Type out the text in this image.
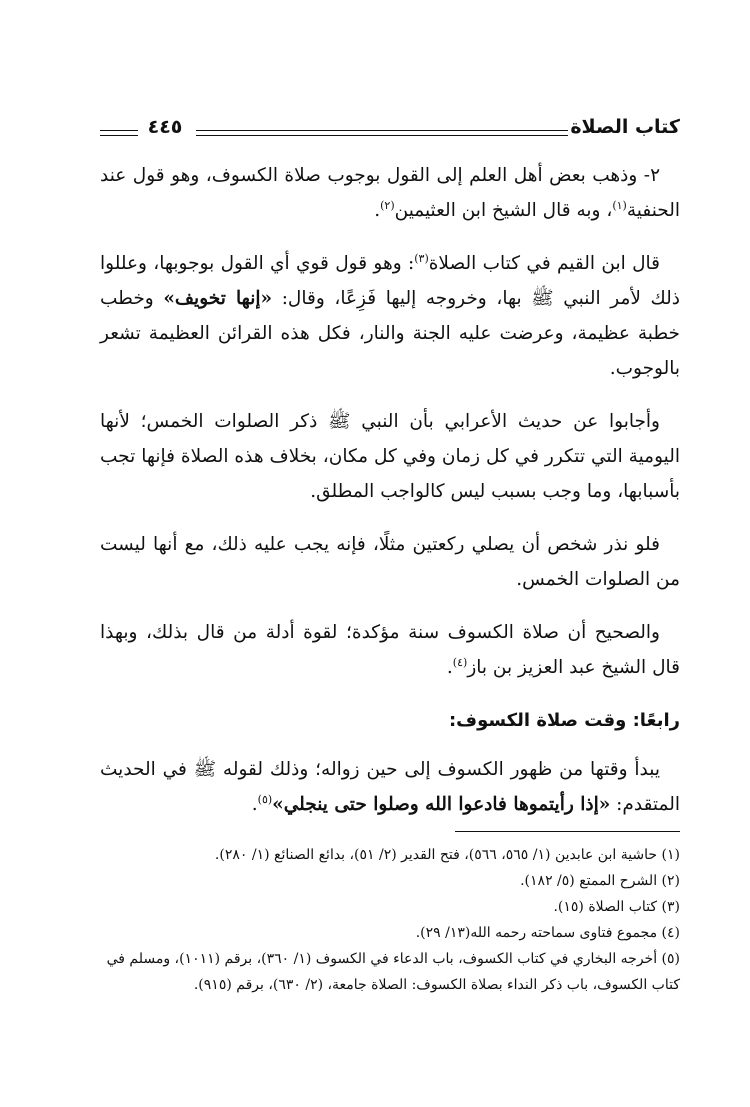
كتاب الصلاة
٤٤٥

٢- وذهب بعض أهل العلم إلى القول بوجوب صلاة الكسوف، وهو قول عند الحنفية$^{(١)}$، وبه قال الشيخ ابن العثيمين$^{(٢)}$.

قال ابن القيم في كتاب الصلاة$^{(٣)}$: وهو قول قوي أي القول بوجوبها، وعللوا ذلك لأمر النبي ﷺ بها، وخروجه إليها فَزِعًا، وقال: «إنها تخويف» وخطب خطبة عظيمة، وعرضت عليه الجنة والنار، فكل هذه القرائن العظيمة تشعر بالوجوب.

وأجابوا عن حديث الأعرابي بأن النبي ﷺ ذكر الصلوات الخمس؛ لأنها اليومية التي تتكرر في كل زمان وفي كل مكان، بخلاف هذه الصلاة فإنها تجب بأسبابها، وما وجب بسبب ليس كالواجب المطلق.

فلو نذر شخص أن يصلي ركعتين مثلًا، فإنه يجب عليه ذلك، مع أنها ليست من الصلوات الخمس.

والصحيح أن صلاة الكسوف سنة مؤكدة؛ لقوة أدلة من قال بذلك، وبهذا قال الشيخ عبد العزيز بن باز$^{(٤)}$.

رابعًا: وقت صلاة الكسوف:

يبدأ وقتها من ظهور الكسوف إلى حين زواله؛ وذلك لقوله ﷺ في الحديث المتقدم: «إذا رأيتموها فادعوا الله وصلوا حتى ينجلي»$^{(٥)}$.

(١) حاشية ابن عابدين (١/ ٥٦٥، ٥٦٦)، فتح القدير (٢/ ٥١)، بدائع الصنائع (١/ ٢٨٠).

(٢) الشرح الممتع (٥/ ١٨٢).

(٣) كتاب الصلاة (١٥).

(٤) مجموع فتاوى سماحته رحمه الله(١٣/ ٢٩).

(٥) أخرجه البخاري في كتاب الكسوف، باب الدعاء في الكسوف (١/ ٣٦٠)، برقم (١٠١١)، ومسلم في كتاب الكسوف، باب ذكر النداء بصلاة الكسوف: الصلاة جامعة، (٢/ ٦٣٠)، برقم (٩١٥).
